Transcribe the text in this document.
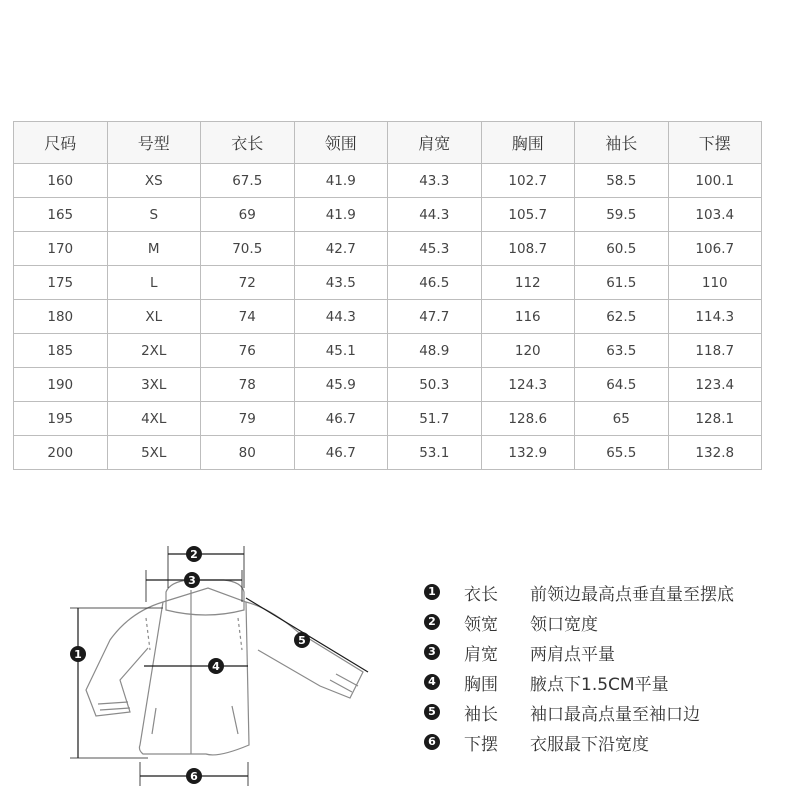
尺码	号型	衣长	领围	肩宽	胸围	袖长	下摆
160	XS	67.5	41.9	43.3	102.7	58.5	100.1
165	S	69	41.9	44.3	105.7	59.5	103.4
170	M	70.5	42.7	45.3	108.7	60.5	106.7
175	L	72	43.5	46.5	112	61.5	110
180	XL	74	44.3	47.7	116	62.5	114.3
185	2XL	76	45.1	48.9	120	63.5	118.7
190	3XL	78	45.9	50.3	124.3	64.5	123.4
195	4XL	79	46.7	51.7	128.6	65	128.1
200	5XL	80	46.7	53.1	132.9	65.5	132.8
1
2
3
4
5
6
1 衣长 前领边最高点垂直量至摆底
2 领宽 领口宽度
3 肩宽 两肩点平量
4 胸围 腋点下1.5CM平量
5 袖长 袖口最高点量至袖口边
6 下摆 衣服最下沿宽度
